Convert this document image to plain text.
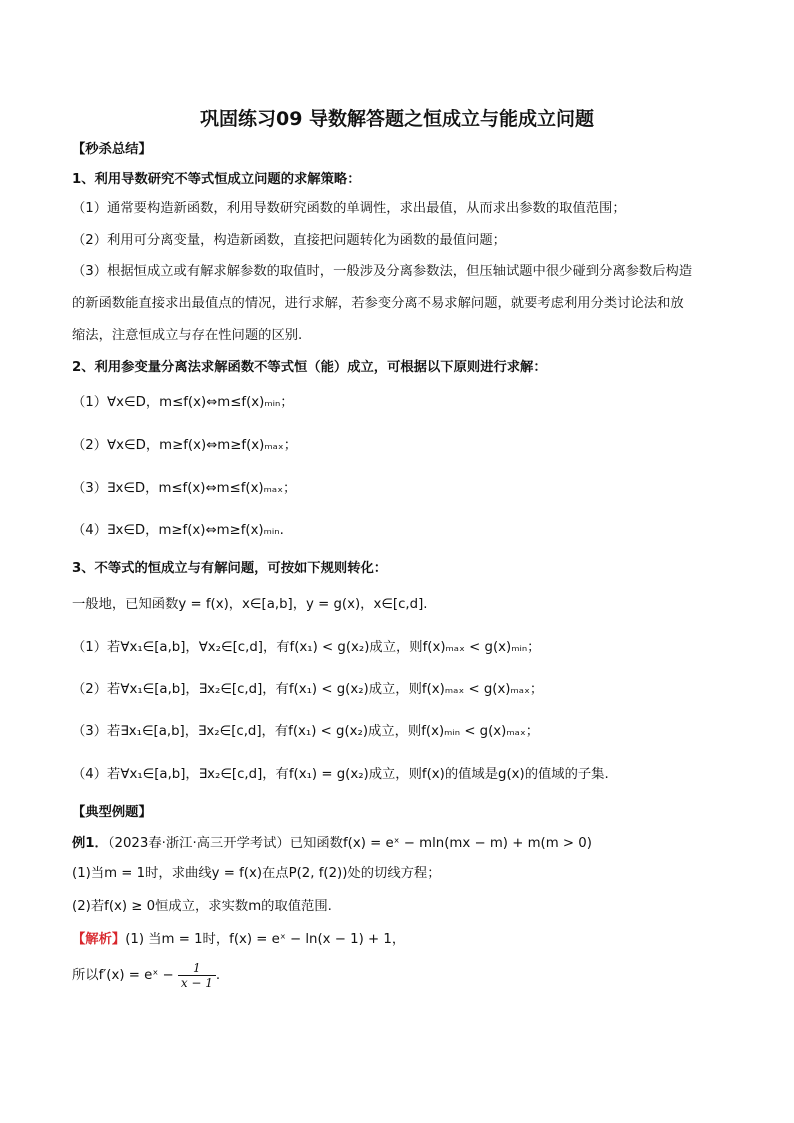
巩固练习09 导数解答题之恒成立与能成立问题
【秒杀总结】
1、利用导数研究不等式恒成立问题的求解策略：
（1）通常要构造新函数，利用导数研究函数的单调性，求出最值，从而求出参数的取值范围；
（2）利用可分离变量，构造新函数，直接把问题转化为函数的最值问题；
（3）根据恒成立或有解求解参数的取值时，一般涉及分离参数法，但压轴试题中很少碰到分离参数后构造
的新函数能直接求出最值点的情况，进行求解，若参变分离不易求解问题，就要考虑利用分类讨论法和放
缩法，注意恒成立与存在性问题的区别.
2、利用参变量分离法求解函数不等式恒（能）成立，可根据以下原则进行求解：
（1）∀x∈D，m≤f(x)⇔m≤f(x)ₘᵢₙ；
（2）∀x∈D，m≥f(x)⇔m≥f(x)ₘₐₓ；
（3）∃x∈D，m≤f(x)⇔m≤f(x)ₘₐₓ；
（4）∃x∈D，m≥f(x)⇔m≥f(x)ₘᵢₙ.
3、不等式的恒成立与有解问题，可按如下规则转化：
一般地，已知函数y = f(x)，x∈[a,b]，y = g(x)，x∈[c,d].
（1）若∀x₁∈[a,b]，∀x₂∈[c,d]，有f(x₁) < g(x₂)成立，则f(x)ₘₐₓ < g(x)ₘᵢₙ；
（2）若∀x₁∈[a,b]，∃x₂∈[c,d]，有f(x₁) < g(x₂)成立，则f(x)ₘₐₓ < g(x)ₘₐₓ；
（3）若∃x₁∈[a,b]，∃x₂∈[c,d]，有f(x₁) < g(x₂)成立，则f(x)ₘᵢₙ < g(x)ₘₐₓ；
（4）若∀x₁∈[a,b]，∃x₂∈[c,d]，有f(x₁) = g(x₂)成立，则f(x)的值域是g(x)的值域的子集.
【典型例题】
例1．（2023春·浙江·高三开学考试）已知函数f(x) = eˣ − mln(mx − m) + m(m > 0)
(1)当m = 1时，求曲线y = f(x)在点P(2, f(2))处的切线方程；
(2)若f(x) ≥ 0恒成立，求实数m的取值范围.
【解析】(1) 当m = 1时，f(x) = eˣ − ln(x − 1) + 1，
所以f′(x) = eˣ − $\frac{1}{x - 1}$ .
